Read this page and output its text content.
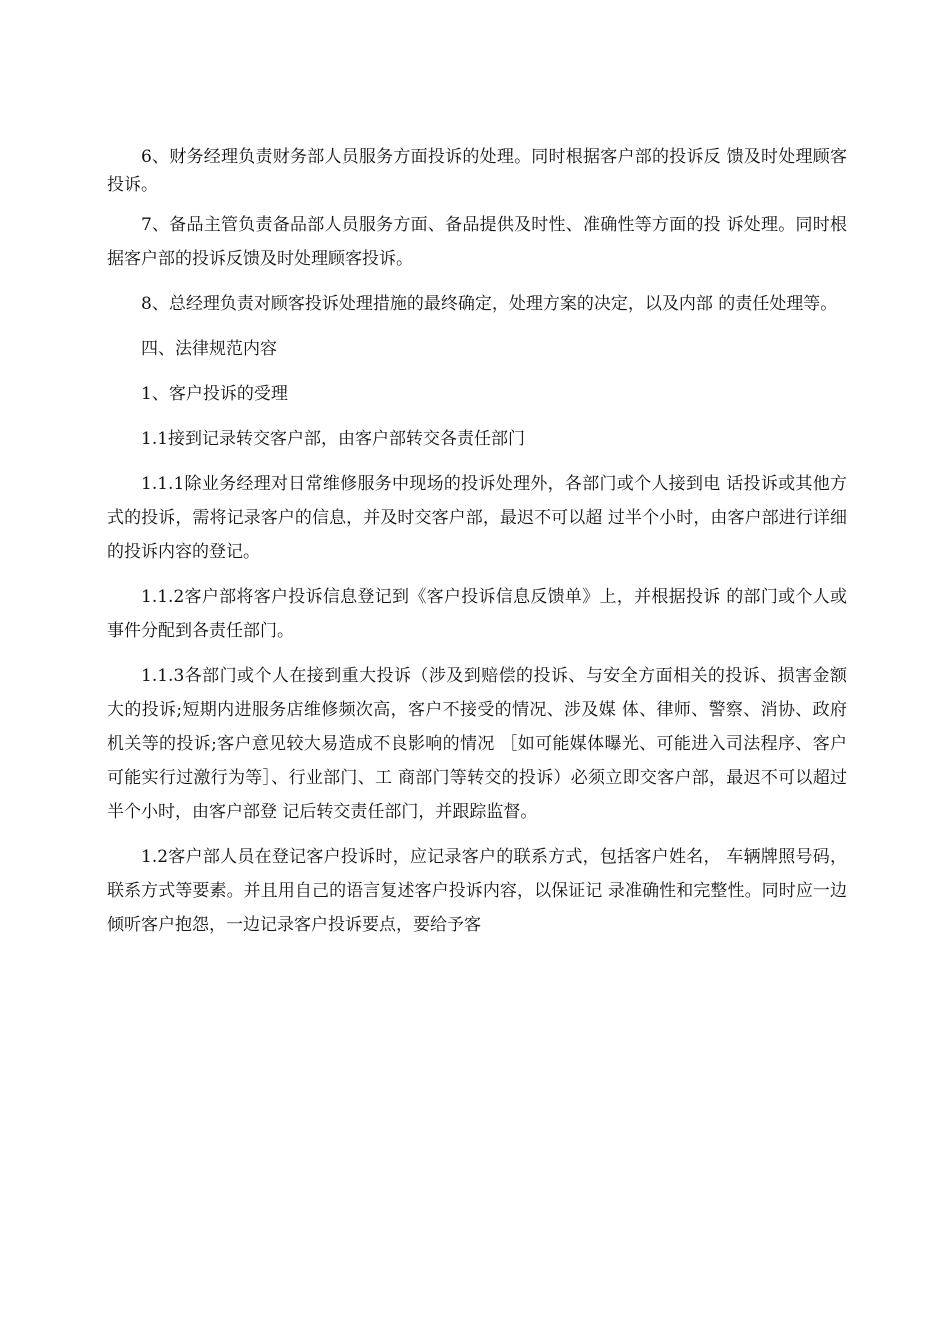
6、财务经理负责财务部人员服务方面投诉的处理。同时根据客户部的投诉反 馈及时处理顾客投诉。

7、备品主管负责备品部人员服务方面、备品提供及时性、准确性等方面的投 诉处理。同时根据客户部的投诉反馈及时处理顾客投诉。

8、总经理负责对顾客投诉处理措施的最终确定，处理方案的决定，以及内部 的责任处理等。

四、法律规范内容

1、客户投诉的受理

1.1接到记录转交客户部，由客户部转交各责任部门

1.1.1除业务经理对日常维修服务中现场的投诉处理外，各部门或个人接到电 话投诉或其他方式的投诉，需将记录客户的信息，并及时交客户部，最迟不可以超 过半个小时，由客户部进行详细的投诉内容的登记。

1.1.2客户部将客户投诉信息登记到《客户投诉信息反馈单》上，并根据投诉 的部门或个人或事件分配到各责任部门。

1.1.3各部门或个人在接到重大投诉（涉及到赔偿的投诉、与安全方面相关的投诉、损害金额大的投诉;短期内进服务店维修频次高，客户不接受的情况、涉及媒 体、律师、警察、消协、政府机关等的投诉;客户意见较大易造成不良影响的情况 ［如可能媒体曝光、可能进入司法程序、客户可能实行过激行为等］、行业部门、工 商部门等转交的投诉）必须立即交客户部，最迟不可以超过半个小时，由客户部登 记后转交责任部门，并跟踪监督。

1.2客户部人员在登记客户投诉时，应记录客户的联系方式，包括客户姓名， 车辆牌照号码，联系方式等要素。并且用自己的语言复述客户投诉内容，以保证记 录准确性和完整性。同时应一边倾听客户抱怨，一边记录客户投诉要点，要给予客
